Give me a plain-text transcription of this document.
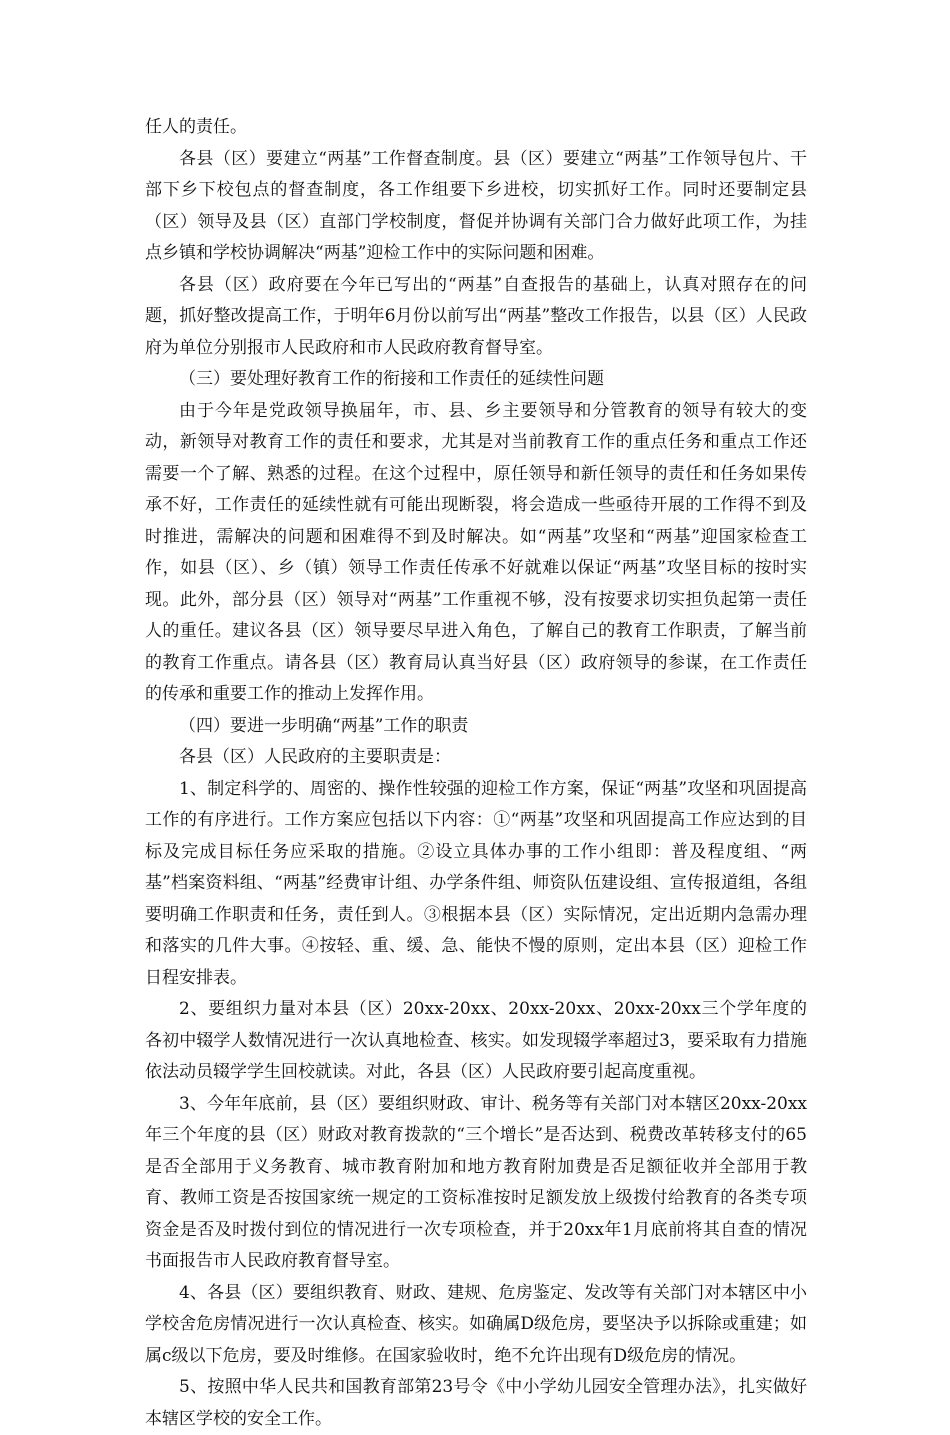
任人的责任。

各县（区）要建立“两基”工作督查制度。县（区）要建立“两基”工作领导包片、干部下乡下校包点的督查制度，各工作组要下乡进校，切实抓好工作。同时还要制定县（区）领导及县（区）直部门学校制度，督促并协调有关部门合力做好此项工作，为挂点乡镇和学校协调解决“两基”迎检工作中的实际问题和困难。

各县（区）政府要在今年已写出的“两基”自查报告的基础上，认真对照存在的问题，抓好整改提高工作，于明年6月份以前写出“两基”整改工作报告，以县（区）人民政府为单位分别报市人民政府和市人民政府教育督导室。

（三）要处理好教育工作的衔接和工作责任的延续性问题

由于今年是党政领导换届年，市、县、乡主要领导和分管教育的领导有较大的变动，新领导对教育工作的责任和要求，尤其是对当前教育工作的重点任务和重点工作还需要一个了解、熟悉的过程。在这个过程中，原任领导和新任领导的责任和任务如果传承不好，工作责任的延续性就有可能出现断裂，将会造成一些亟待开展的工作得不到及时推进，需解决的问题和困难得不到及时解决。如“两基”攻坚和“两基”迎国家检查工作，如县（区）、乡（镇）领导工作责任传承不好就难以保证“两基”攻坚目标的按时实现。此外，部分县（区）领导对“两基”工作重视不够，没有按要求切实担负起第一责任人的重任。建议各县（区）领导要尽早进入角色，了解自己的教育工作职责，了解当前的教育工作重点。请各县（区）教育局认真当好县（区）政府领导的参谋，在工作责任的传承和重要工作的推动上发挥作用。

（四）要进一步明确“两基”工作的职责

各县（区）人民政府的主要职责是：

1、制定科学的、周密的、操作性较强的迎检工作方案，保证“两基”攻坚和巩固提高工作的有序进行。工作方案应包括以下内容：①“两基”攻坚和巩固提高工作应达到的目标及完成目标任务应采取的措施。②设立具体办事的工作小组即：普及程度组、“两基”档案资料组、“两基”经费审计组、办学条件组、师资队伍建设组、宣传报道组，各组要明确工作职责和任务，责任到人。③根据本县（区）实际情况，定出近期内急需办理和落实的几件大事。④按轻、重、缓、急、能快不慢的原则，定出本县（区）迎检工作日程安排表。

2、要组织力量对本县（区）20xx-20xx、20xx-20xx、20xx-20xx三个学年度的各初中辍学人数情况进行一次认真地检查、核实。如发现辍学率超过3，要采取有力措施依法动员辍学学生回校就读。对此，各县（区）人民政府要引起高度重视。

3、今年年底前，县（区）要组织财政、审计、税务等有关部门对本辖区20xx-20xx年三个年度的县（区）财政对教育拨款的“三个增长”是否达到、税费改革转移支付的65是否全部用于义务教育、城市教育附加和地方教育附加费是否足额征收并全部用于教育、教师工资是否按国家统一规定的工资标准按时足额发放上级拨付给教育的各类专项资金是否及时拨付到位的情况进行一次专项检查，并于20xx年1月底前将其自查的情况书面报告市人民政府教育督导室。

4、各县（区）要组织教育、财政、建规、危房鉴定、发改等有关部门对本辖区中小学校舍危房情况进行一次认真检查、核实。如确属D级危房，要坚决予以拆除或重建；如属c级以下危房，要及时维修。在国家验收时，绝不允许出现有D级危房的情况。

5、按照中华人民共和国教育部第23号令《中小学幼儿园安全管理办法》，扎实做好本辖区学校的安全工作。
